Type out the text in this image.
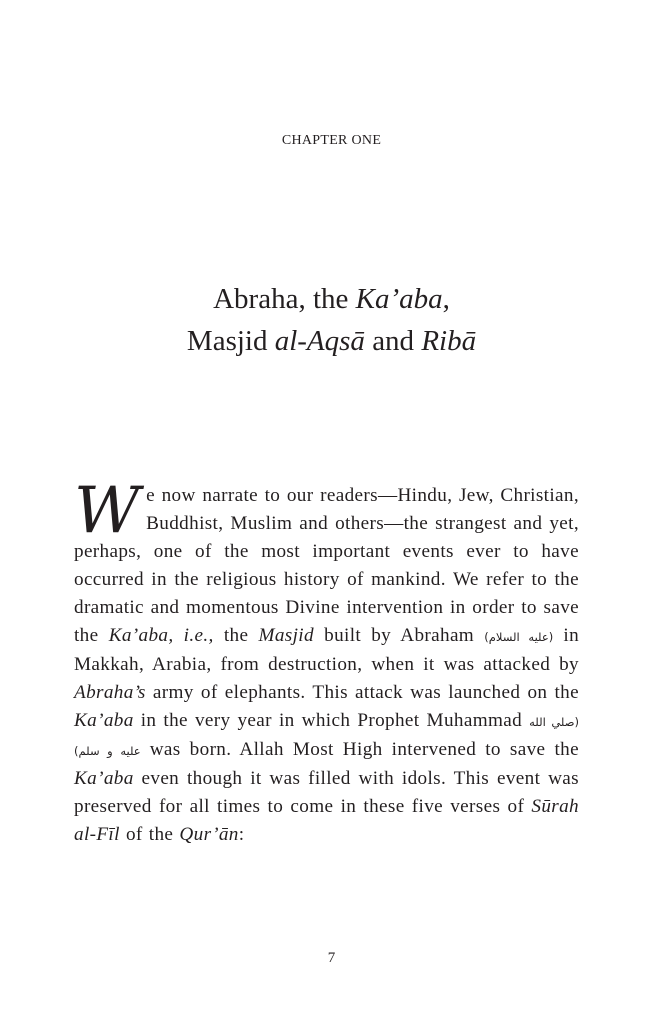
CHAPTER ONE
Abraha, the Ka’aba,
Masjid al-Aqsā and Ribā
We now narrate to our readers—Hindu, Jew, Christian, Buddhist, Muslim and others—the strangest and yet, perhaps, one of the most important events ever to have occurred in the religious history of mankind. We refer to the dramatic and momentous Divine intervention in order to save the Ka’aba, i.e., the Masjid built by Abraham (عليه السلام) in Makkah, Arabia, from destruction, when it was attacked by Abraha’s army of elephants. This attack was launched on the Ka’aba in the very year in which Prophet Muhammad (صلي الله عليه و سلم) was born. Allah Most High intervened to save the Ka’aba even though it was filled with idols. This event was preserved for all times to come in these five verses of Sūrah al-Fīl of the Qur’ān:
7
